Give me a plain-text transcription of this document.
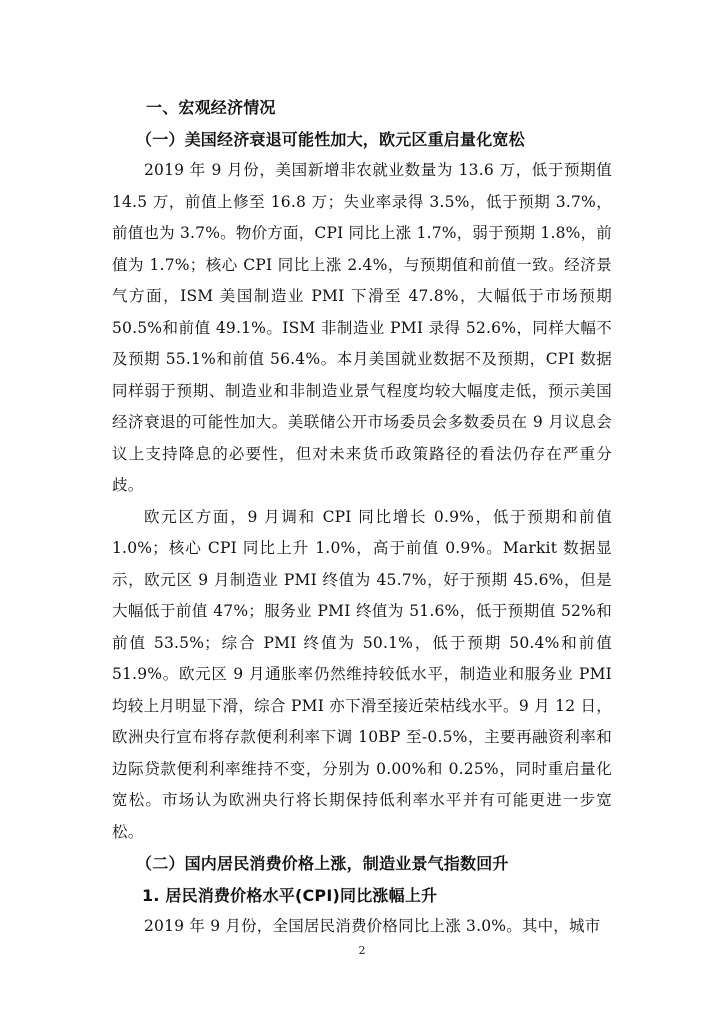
一、宏观经济情况

（一）美国经济衰退可能性加大，欧元区重启量化宽松

2019 年 9 月份，美国新增非农就业数量为 13.6 万，低于预期值 14.5 万，前值上修至 16.8 万；失业率录得 3.5%，低于预期 3.7%，前值也为 3.7%。物价方面，CPI 同比上涨 1.7%，弱于预期 1.8%，前值为 1.7%；核心 CPI 同比上涨 2.4%，与预期值和前值一致。经济景气方面，ISM 美国制造业 PMI 下滑至 47.8%，大幅低于市场预期 50.5%和前值 49.1%。ISM 非制造业 PMI 录得 52.6%，同样大幅不及预期 55.1%和前值 56.4%。本月美国就业数据不及预期，CPI 数据同样弱于预期、制造业和非制造业景气程度均较大幅度走低，预示美国经济衰退的可能性加大。美联储公开市场委员会多数委员在 9 月议息会议上支持降息的必要性，但对未来货币政策路径的看法仍存在严重分歧。

欧元区方面，9 月调和 CPI 同比增长 0.9%，低于预期和前值 1.0%；核心 CPI 同比上升 1.0%，高于前值 0.9%。Markit 数据显示，欧元区 9 月制造业 PMI 终值为 45.7%，好于预期 45.6%，但是大幅低于前值 47%；服务业 PMI 终值为 51.6%，低于预期值 52%和前值 53.5%；综合 PMI 终值为 50.1%，低于预期 50.4%和前值 51.9%。欧元区 9 月通胀率仍然维持较低水平，制造业和服务业 PMI 均较上月明显下滑，综合 PMI 亦下滑至接近荣枯线水平。9 月 12 日，欧洲央行宣布将存款便利利率下调 10BP 至-0.5%，主要再融资利率和边际贷款便利利率维持不变，分别为 0.00%和 0.25%，同时重启量化宽松。市场认为欧洲央行将长期保持低利率水平并有可能更进一步宽松。

（二）国内居民消费价格上涨，制造业景气指数回升

1. 居民消费价格水平(CPI)同比涨幅上升

2019 年 9 月份，全国居民消费价格同比上涨 3.0%。其中，城市

2
